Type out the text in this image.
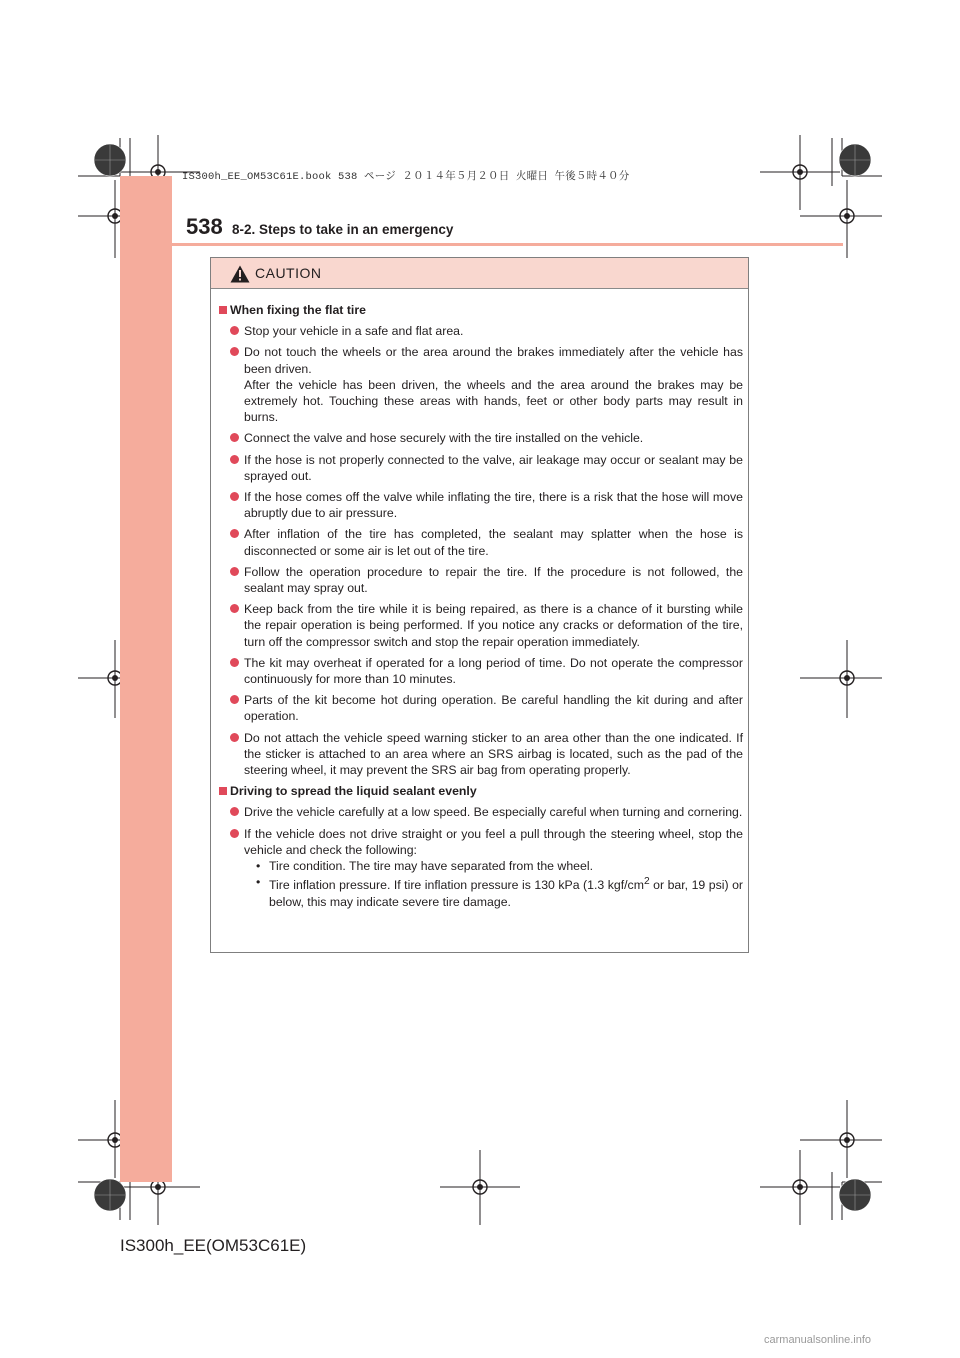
IS300h_EE_OM53C61E.book 538 ページ ２０１４年５月２０日 火曜日 午後５時４０分
538 8-2. Steps to take in an emergency
CAUTION
When fixing the flat tire

Stop your vehicle in a safe and flat area.

Do not touch the wheels or the area around the brakes immediately after the vehicle has been driven.

After the vehicle has been driven, the wheels and the area around the brakes may be extremely hot. Touching these areas with hands, feet or other body parts may result in burns.

Connect the valve and hose securely with the tire installed on the vehicle.

If the hose is not properly connected to the valve, air leakage may occur or sealant may be sprayed out.

If the hose comes off the valve while inflating the tire, there is a risk that the hose will move abruptly due to air pressure.

After inflation of the tire has completed, the sealant may splatter when the hose is disconnected or some air is let out of the tire.

Follow the operation procedure to repair the tire. If the procedure is not followed, the sealant may spray out.

Keep back from the tire while it is being repaired, as there is a chance of it bursting while the repair operation is being performed. If you notice any cracks or deformation of the tire, turn off the compressor switch and stop the repair operation immediately.

The kit may overheat if operated for a long period of time. Do not operate the compressor continuously for more than 10 minutes.

Parts of the kit become hot during operation. Be careful handling the kit during and after operation.

Do not attach the vehicle speed warning sticker to an area other than the one indicated. If the sticker is attached to an area where an SRS airbag is located, such as the pad of the steering wheel, it may prevent the SRS air bag from operating properly.

Driving to spread the liquid sealant evenly

Drive the vehicle carefully at a low speed. Be especially careful when turning and cornering.

If the vehicle does not drive straight or you feel a pull through the steering wheel, stop the vehicle and check the following:

• Tire condition. The tire may have separated from the wheel.
• Tire inflation pressure. If tire inflation pressure is 130 kPa (1.3 kgf/$cm^2$ or bar, 19 psi) or below, this may indicate severe tire damage.
IS300h_EE(OM53C61E)
carmanualsonline.info
